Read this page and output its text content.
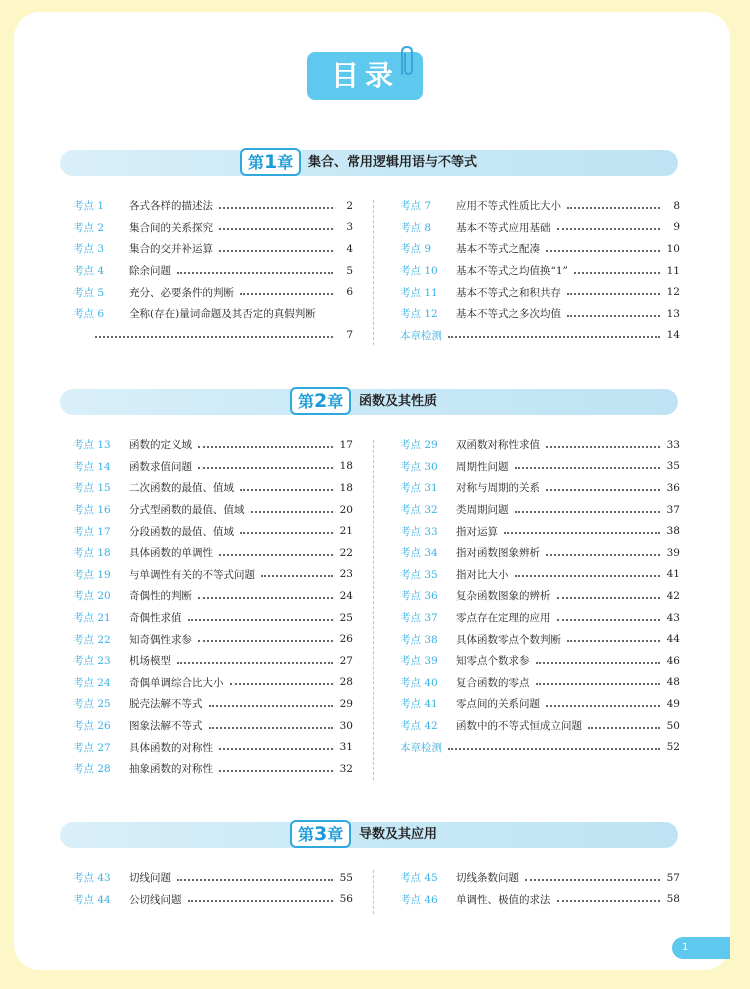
目录
第1章	集合、常用逻辑用语与不等式
考点 1	各式各样的描述法	2
考点 2	集合间的关系探究	3
考点 3	集合的交并补运算	4
考点 4	除余问题	5
考点 5	充分、必要条件的判断	6
考点 6	全称(存在)量词命题及其否定的真假判断
7
考点 7	应用不等式性质比大小	8
考点 8	基本不等式应用基础	9
考点 9	基本不等式之配凑	10
考点 10	基本不等式之均值换“1”	11
考点 11	基本不等式之和积共存	12
考点 12	基本不等式之多次均值	13
本章检测	14
第2章	函数及其性质
考点 13	函数的定义域	17
考点 14	函数求值问题	18
考点 15	二次函数的最值、值域	18
考点 16	分式型函数的最值、值域	20
考点 17	分段函数的最值、值域	21
考点 18	具体函数的单调性	22
考点 19	与单调性有关的不等式问题	23
考点 20	奇偶性的判断	24
考点 21	奇偶性求值	25
考点 22	知奇偶性求参	26
考点 23	机场模型	27
考点 24	奇偶单调综合比大小	28
考点 25	脱壳法解不等式	29
考点 26	图象法解不等式	30
考点 27	具体函数的对称性	31
考点 28	抽象函数的对称性	32
考点 29	双函数对称性求值	33
考点 30	周期性问题	35
考点 31	对称与周期的关系	36
考点 32	类周期问题	37
考点 33	指对运算	38
考点 34	指对函数图象辨析	39
考点 35	指对比大小	41
考点 36	复杂函数图象的辨析	42
考点 37	零点存在定理的应用	43
考点 38	具体函数零点个数判断	44
考点 39	知零点个数求参	46
考点 40	复合函数的零点	48
考点 41	零点间的关系问题	49
考点 42	函数中的不等式恒成立问题	50
本章检测	52
第3章	导数及其应用
考点 43	切线问题	55
考点 44	公切线问题	56
考点 45	切线条数问题	57
考点 46	单调性、极值的求法	58
1
